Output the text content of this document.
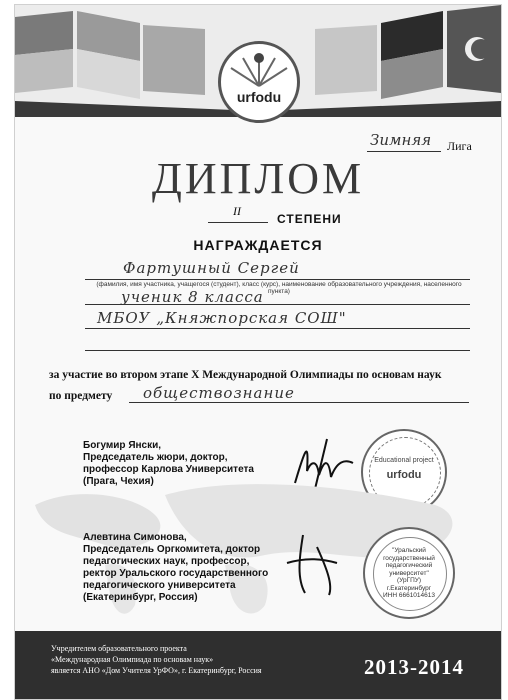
urfodu
Зимняя Лига
ДИПЛОМ
II
СТЕПЕНИ
НАГРАЖДАЕТСЯ
Фартушный Сергей
(фамилия, имя участника, учащегося (студент), класс (курс), наименование образовательного учреждения, населенного пункта)
ученик 8 класса
МБОУ „Княжпорская СОШ"
за участие во втором этапе X Международной Олимпиады по основам наук
по предмету обществознание
Богумир Янски,
Председатель жюри, доктор,
профессор Карлова Университета
(Прага, Чехия)
Educational project
urfodu
Алевтина Симонова,
Председатель Оргкомитета, доктор
педагогических наук, профессор,
ректор Уральского государственного
педагогического университета
(Екатеринбург, Россия)
"Уральский
государственный
педагогический
университет"
(УрГПУ)
г.Екатеринбург
ИНН 6661014613
Учредителем образовательного проекта
«Международная Олимпиада по основам наук»
является АНО «Дом Учителя УрФО», г. Екатеринбург, Россия	2013-2014
